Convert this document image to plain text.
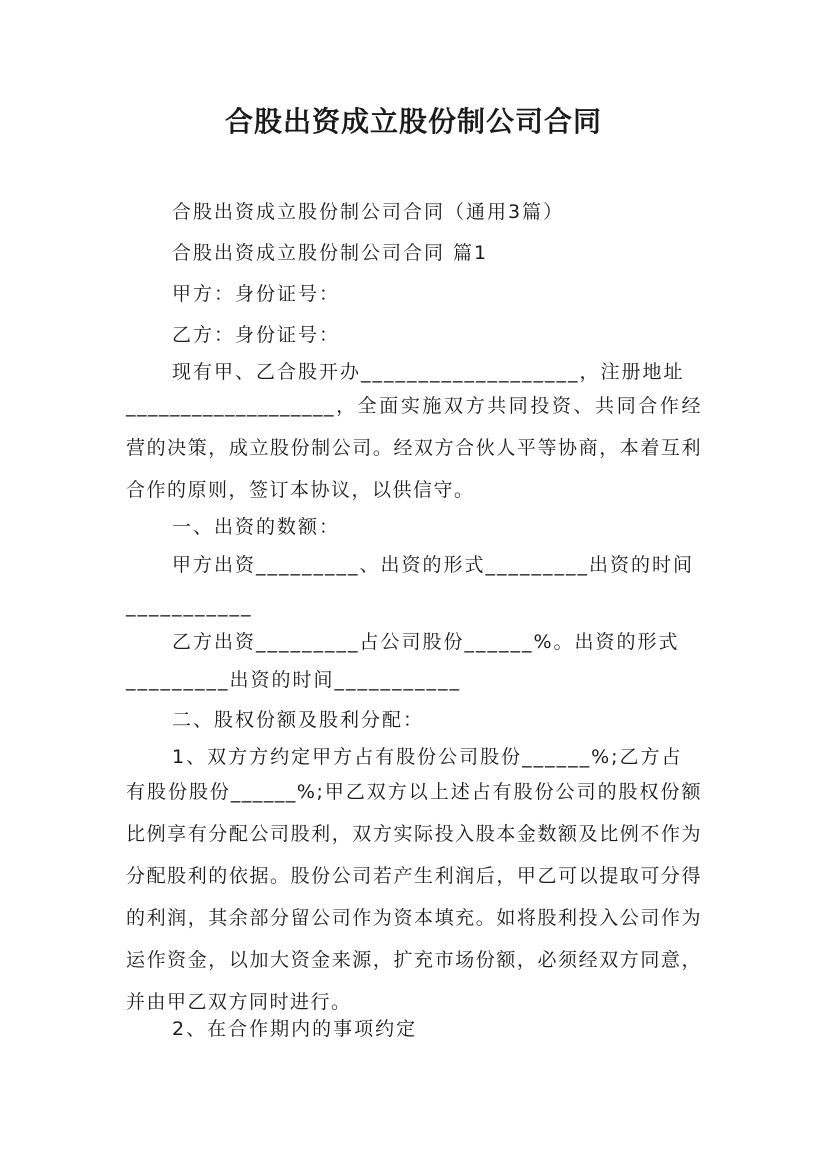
合股出资成立股份制公司合同
合股出资成立股份制公司合同（通用3篇）
合股出资成立股份制公司合同 篇1
甲方：身份证号：
乙方：身份证号：
现有甲、乙合股开办___________________，注册地址
___________________，全面实施双方共同投资、共同合作经营的决策，成立股份制公司。经双方合伙人平等协商，本着互利合作的原则，签订本协议，以供信守。
一、出资的数额：
甲方出资_________、出资的形式_________出资的时间
___________
乙方出资_________占公司股份______%。出资的形式
_________出资的时间___________
二、股权份额及股利分配：
1、双方方约定甲方占有股份公司股份______%;乙方占
有股份股份______%;甲乙双方以上述占有股份公司的股权份额比例享有分配公司股利，双方实际投入股本金数额及比例不作为分配股利的依据。股份公司若产生利润后，甲乙可以提取可分得的利润，其余部分留公司作为资本填充。如将股利投入公司作为运作资金，以加大资金来源，扩充市场份额，必须经双方同意，并由甲乙双方同时进行。
2、在合作期内的事项约定
